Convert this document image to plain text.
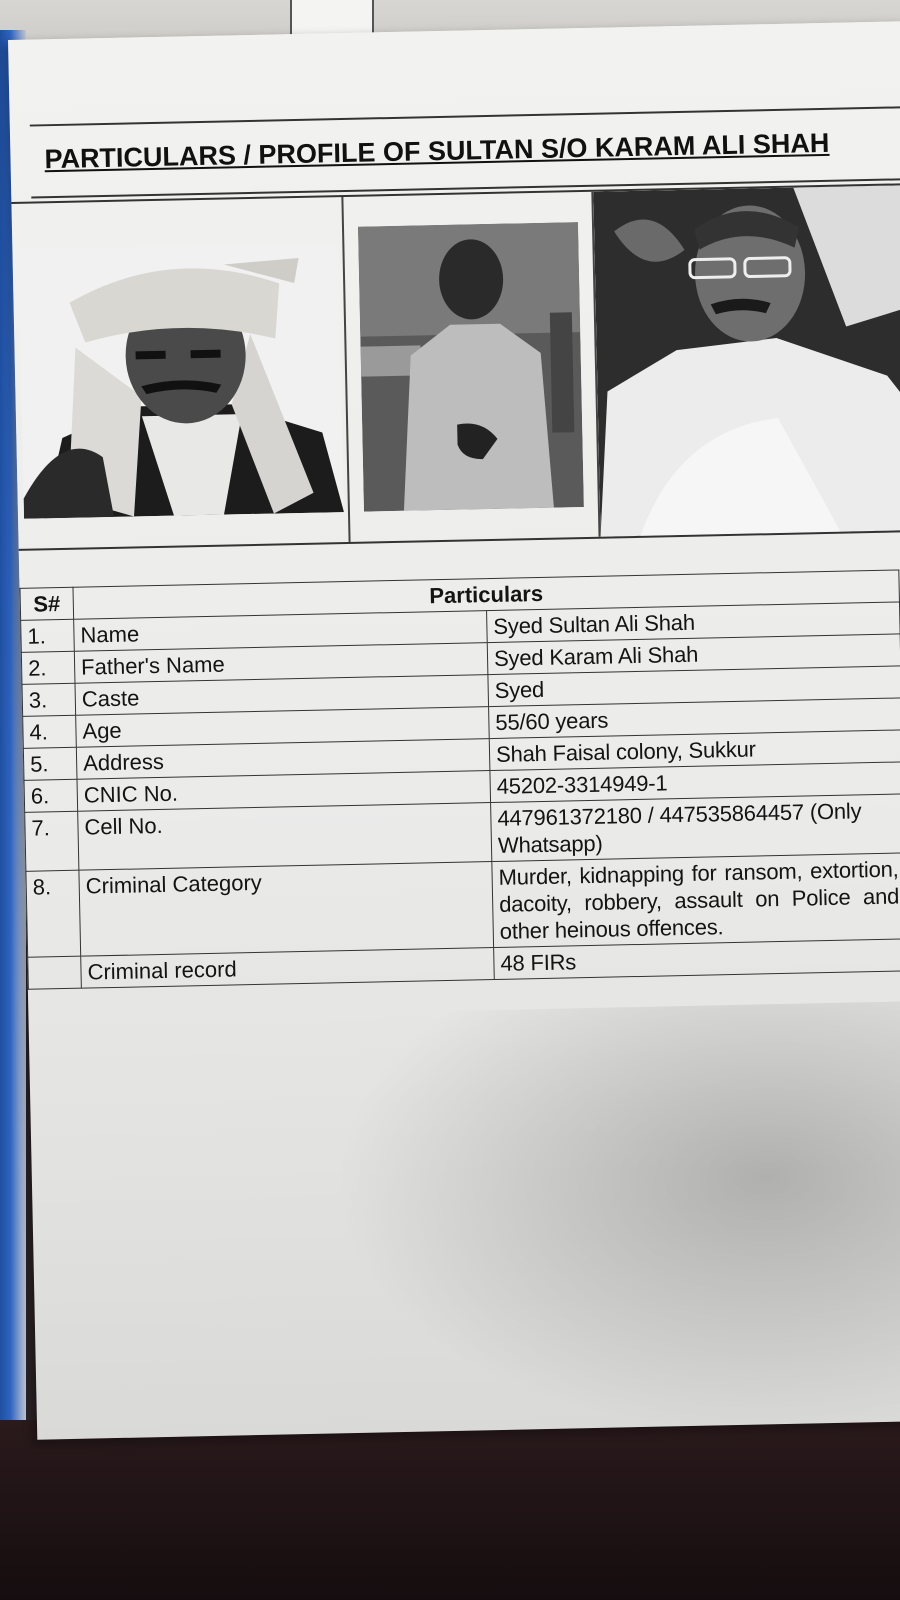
PARTICULARS / PROFILE OF SULTAN S/O KARAM ALI SHAH
S#	Particulars	
1.	Name	Syed Sultan Ali Shah
2.	Father's Name	Syed Karam Ali Shah
3.	Caste	Syed
4.	Age	55/60 years
5.	Address	Shah Faisal colony, Sukkur
6.	CNIC No.	45202-3314949-1
7.	Cell No.	447961372180 / 447535864457 (Only Whatsapp)
8.	Criminal Category	Murder, kidnapping for ransom, extortion, dacoity, robbery, assault on Police and other heinous offences.
	Criminal record	48 FIRs
